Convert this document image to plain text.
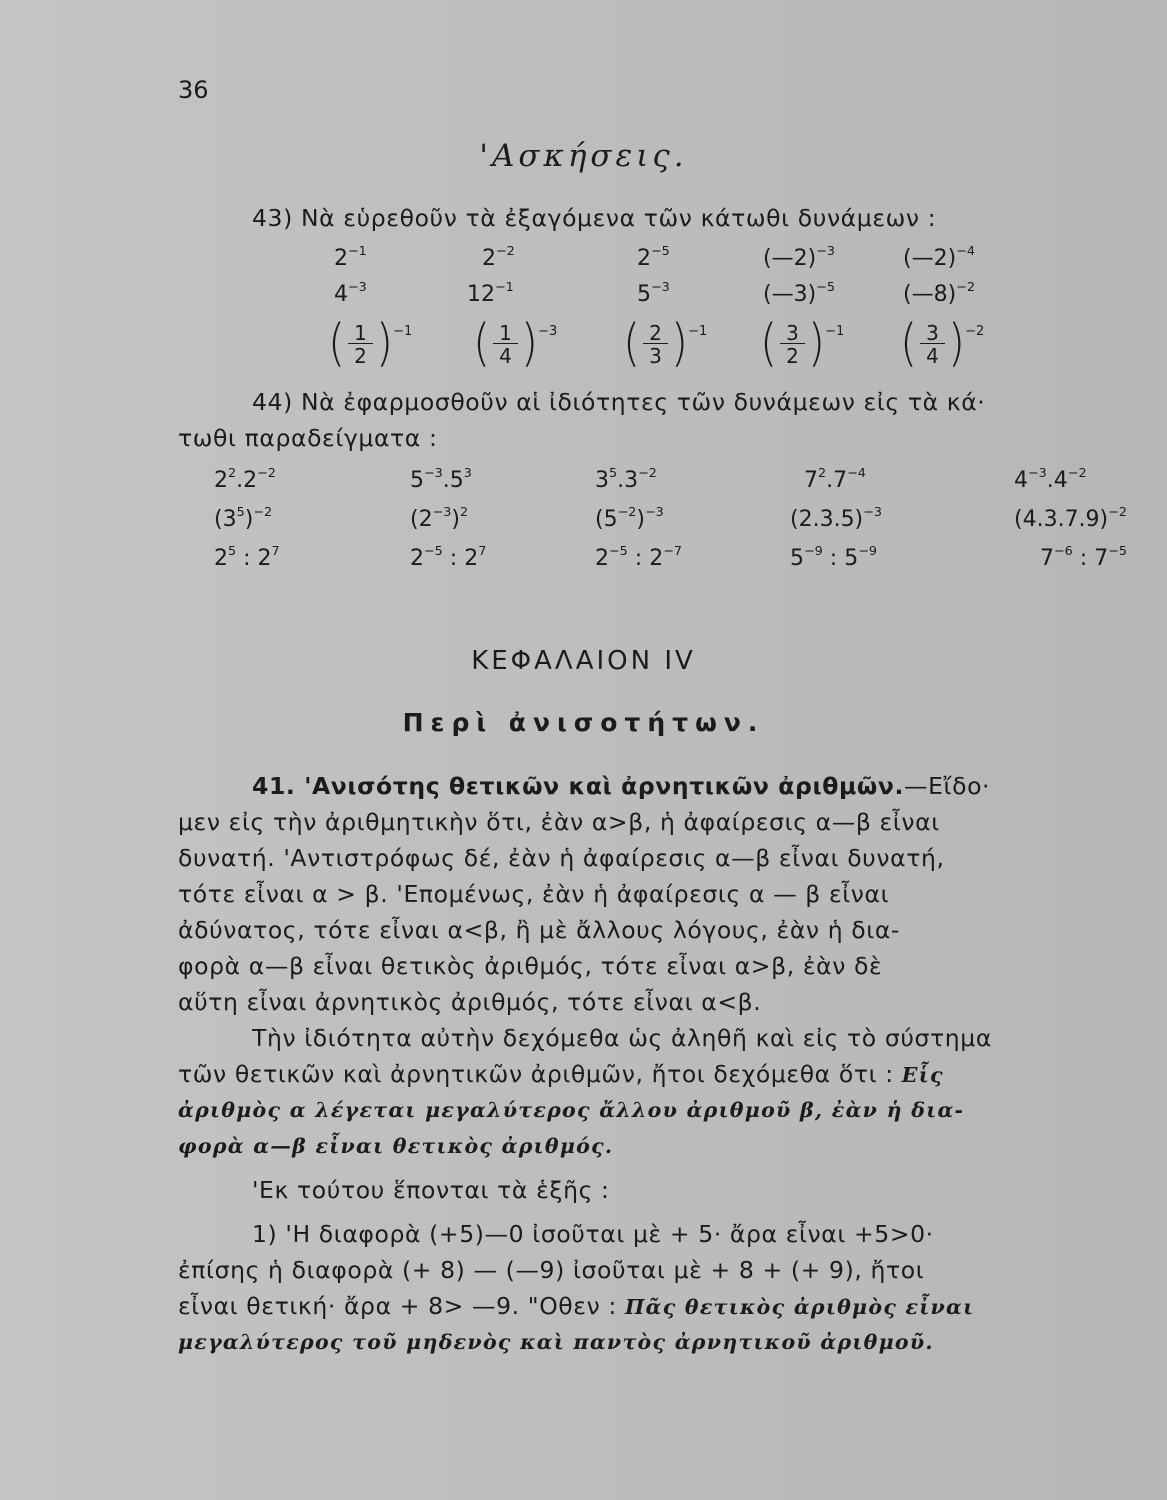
36
'Ασκήσεις.
43) Νὰ εὑρεθοῦν τὰ ἐξαγόμενα τῶν κάτωθι δυνάμεων :
$2^{-1}$	$2^{-2}$	$2^{-5}$	(—2)$^{-3}$	(—2)$^{-4}$
$4^{-3}$	$12^{-1}$	$5^{-3}$	(—3)$^{-5}$	(—8)$^{-2}$
( $\frac{1}{2}$ ) −1 ( $\frac{1}{4}$ ) −3 ( $\frac{2}{3}$ ) −1 ( $\frac{3}{2}$ ) −1 ( $\frac{3}{4}$ ) −2
44) Νὰ ἐφαρμοσθοῦν αἱ ἰδιότητες τῶν δυνάμεων εἰς τὰ κά·
τωθι παραδείγματα :
$2^2.2^{-2}$	$5^{-3}.5^3$	$3^5.3^{-2}$	$7^2.7^{-4}$	$4^{-3}.4^{-2}$
$(3^5)^{-2}$	$(2^{-3})^2$	$(5^{-2})^{-3}$	$(2.3.5)^{-3}$	$(4.3.7.9)^{-2}$
$2^5$ : $2^7$	$2^{-5}$ : $2^7$	$2^{-5}$ : $2^{-7}$	$5^{-9}$ : $5^{-9}$	$7^{-6}$ : $7^{-5}$
ΚΕΦΑΛΑΙΟΝ IV
Περὶ ἀνισοτήτων.
41. 'Ανισότης θετικῶν καὶ ἀρνητικῶν ἀριθμῶν.—Εἴδο·
μεν εἰς τὴν ἀριθμητικὴν ὅτι, ἐὰν α>β, ἡ ἀφαίρεσις α—β εἶναι
δυνατή. 'Αντιστρόφως δέ, ἐὰν ἡ ἀφαίρεσις α—β εἶναι δυνατή,
τότε εἶναι α > β. 'Επομένως, ἐὰν ἡ ἀφαίρεσις α — β εἶναι
ἀδύνατος, τότε εἶναι α<β, ἢ μὲ ἄλλους λόγους, ἐὰν ἡ δια-
φορὰ α—β εἶναι θετικὸς ἀριθμός, τότε εἶναι α>β, ἐὰν δὲ
αὕτη εἶναι ἀρνητικὸς ἀριθμός, τότε εἶναι α<β.
Τὴν ἰδιότητα αὐτὴν δεχόμεθα ὡς ἀληθῆ καὶ εἰς τὸ σύστημα
τῶν θετικῶν καὶ ἀρνητικῶν ἀριθμῶν, ἤτοι δεχόμεθα ὅτι : Εἷς
ἀριθμὸς α λέγεται μεγαλύτερος ἄλλου ἀριθμοῦ β, ἐὰν ἡ δια-
φορὰ α—β εἶναι θετικὸς ἀριθμός.
'Εκ τούτου ἕπονται τὰ ἑξῆς :
1) 'Η διαφορὰ (+5)—0 ἰσοῦται μὲ + 5· ἄρα εἶναι +5>0·
ἐπίσης ἡ διαφορὰ (+ 8) — (—9) ἰσοῦται μὲ + 8 + (+ 9), ἤτοι
εἶναι θετική· ἄρα + 8> —9. "Οθεν : Πᾶς θετικὸς ἀριθμὸς εἶναι
μεγαλύτερος τοῦ μηδενὸς καὶ παντὸς ἀρνητικοῦ ἀριθμοῦ.
